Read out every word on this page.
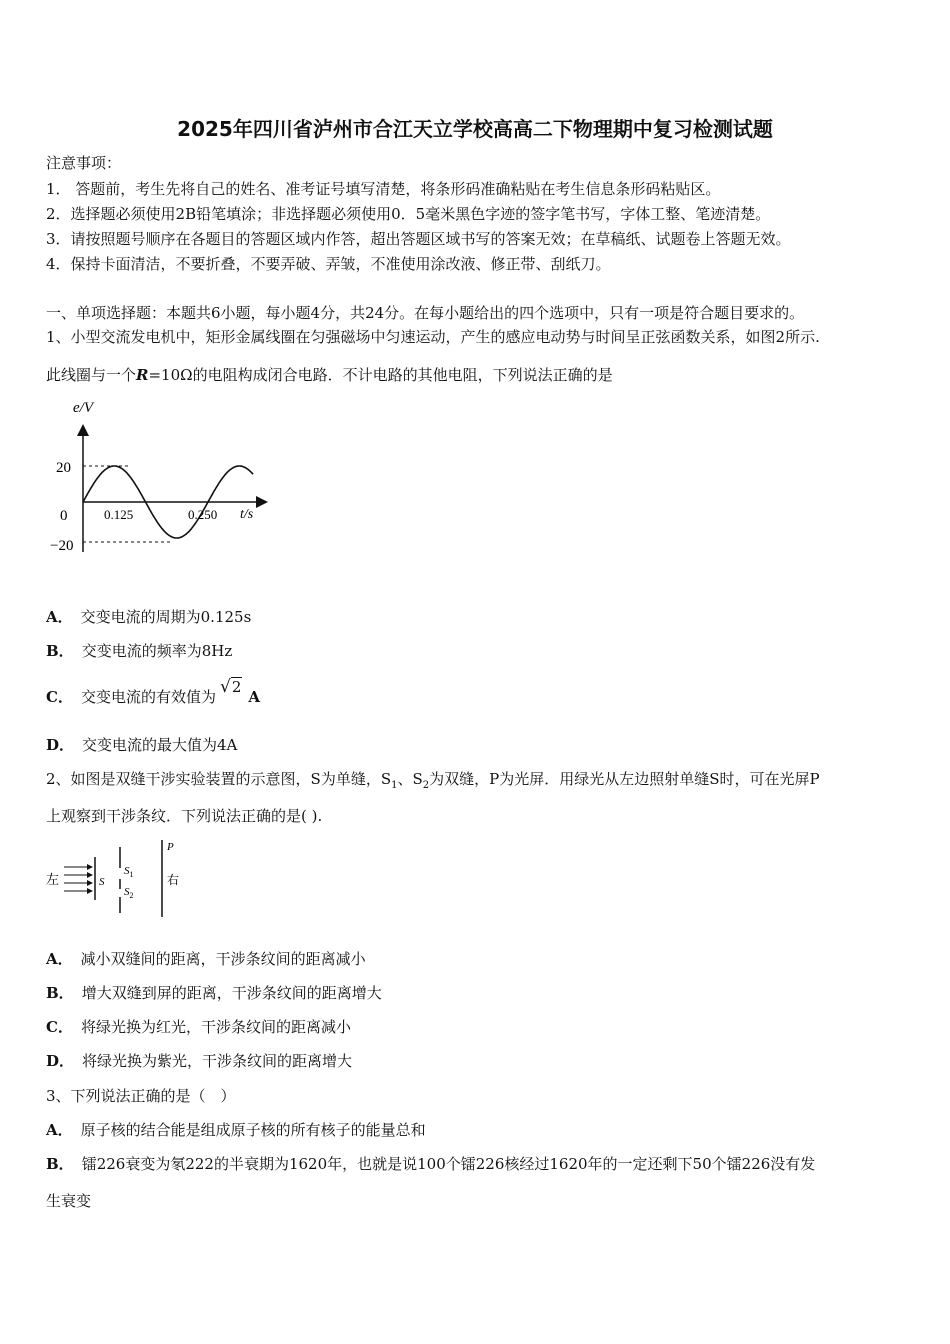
2025年四川省泸州市合江天立学校高高二下物理期中复习检测试题
注意事项：
1． 答题前，考生先将自己的姓名、准考证号填写清楚，将条形码准确粘贴在考生信息条形码粘贴区。
2．选择题必须使用2B铅笔填涂；非选择题必须使用0．5毫米黑色字迹的签字笔书写，字体工整、笔迹清楚。
3．请按照题号顺序在各题目的答题区域内作答，超出答题区域书写的答案无效；在草稿纸、试题卷上答题无效。
4．保持卡面清洁，不要折叠，不要弄破、弄皱，不准使用涂改液、修正带、刮纸刀。
一、单项选择题：本题共6小题，每小题4分，共24分。在每小题给出的四个选项中，只有一项是符合题目要求的。
1、小型交流发电机中，矩形金属线圈在匀强磁场中匀速运动，产生的感应电动势与时间呈正弦函数关系，如图2所示.
此线圈与一个R=10Ω的电阻构成闭合电路．不计电路的其他电阻，下列说法正确的是
e/V
20
0
−20
0.125	0.250 t/s
A． 交变电流的周期为0.125s
B． 交变电流的频率为8Hz
C． 交变电流的有效值为 √2A
D． 交变电流的最大值为4A
2、如图是双缝干涉实验装置的示意图，S为单缝，$S_1$、$S_2$为双缝，P为光屏．用绿光从左边照射单缝S时，可在光屏P
上观察到干涉条纹．下列说法正确的是( ).
左	S
$S_1$
$S_2$
P
右
A． 减小双缝间的距离，干涉条纹间的距离减小
B． 增大双缝到屏的距离，干涉条纹间的距离增大
C． 将绿光换为红光，干涉条纹间的距离减小
D． 将绿光换为紫光，干涉条纹间的距离增大
3、下列说法正确的是（　）
A． 原子核的结合能是组成原子核的所有核子的能量总和
B． 镭226衰变为氡222的半衰期为1620年，也就是说100个镭226核经过1620年的一定还剩下50个镭226没有发
生衰变
